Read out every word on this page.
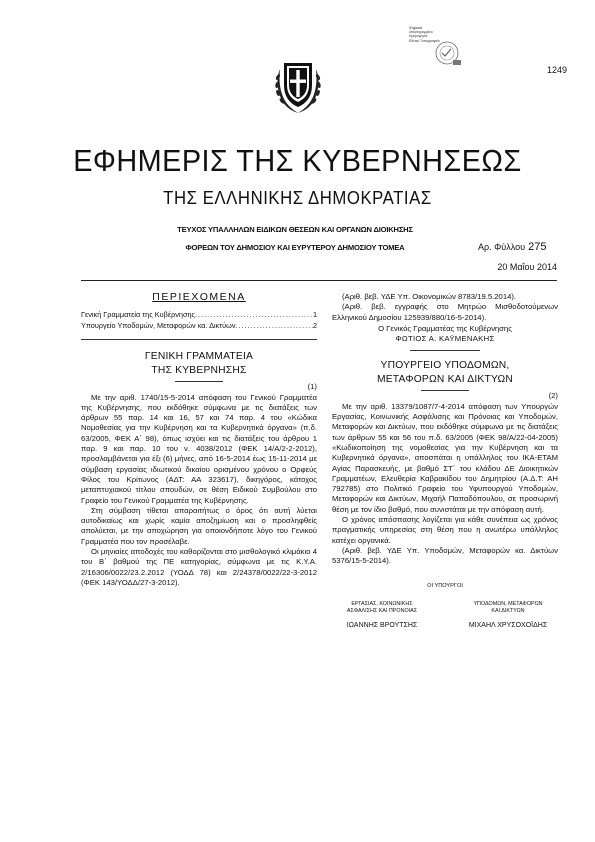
Ψηφιακά
υπογεγραμμένο
Ημερομηνία:
Εθνικό Τυπογραφείο
1249
ΕΦΗΜΕΡΙΣ ΤΗΣ ΚΥΒΕΡΝΗΣΕΩΣ
ΤΗΣ ΕΛΛΗΝΙΚΗΣ ΔΗΜΟΚΡΑΤΙΑΣ
ΤΕΥΧΟΣ ΥΠΑΛΛΗΛΩΝ ΕΙΔΙΚΩΝ ΘΕΣΕΩΝ ΚΑΙ ΟΡΓΑΝΩΝ ΔΙΟΙΚΗΣΗΣ
ΦΟΡΕΩΝ ΤΟΥ ΔΗΜΟΣΙΟΥ ΚΑΙ ΕΥΡΥΤΕΡΟΥ ΔΗΜΟΣΙΟΥ ΤΟΜΕΑ	Αρ. Φύλλου 275
20 Μαΐου 2014
ΠΕΡΙΕΧΟΜΕΝΑ
Γενική Γραμματεία της Κυβέρνησης .....	1
Υπουργείο Υποδομών, Μεταφορών κα. Δικτύων .....	2
ΓΕΝΙΚΗ ΓΡΑΜΜΑΤΕΙΑ
ΤΗΣ ΚΥΒΕΡΝΗΣΗΣ
(1)

Με την αριθ. 1740/15-5-2014 απόφαση του Γενικού Γραμματέα της Κυβέρνησης, που εκδόθηκε σύμφωνα με τις διατάξεις των άρθρων 55 παρ. 14 και 16, 57 και 74 παρ. 4 του «Κώδικα Νομοθεσίας για την Κυβέρνηση και τα Κυβερνητικά όργανα» (π.δ. 63/2005, ΦΕΚ Α΄ 98), όπως ισχύει και τις διατάξεις του άρθρου 1 παρ. 9 και παρ. 10 του ν. 4038/2012 (ΦΕΚ 14/Α/2-2-2012), προσλαμβάνεται για έξι (6) μήνες, από 16-5-2014 έως 15-11-2014 με σύμβαση εργασίας ιδιωτικού δικαίου ορισμένου χρόνου ο Ορφεύς Φίλος του Κρίτωνος (ΑΔΤ: ΑΑ 323617), δικηγόρος, κάτοχος μεταπτυχιακού τίτλου σπουδών, σε θέση Ειδικού Συμβούλου στο Γραφείο του Γενικού Γραμματέα της Κυβέρνησης.

Στη σύμβαση τίθεται απαραιτήτως ο όρος ότι αυτή λύεται αυτοδικαίως και χωρίς καμία αποζημίωση και ο προσληφθείς απολύεται, με την αποχώρηση για οποιονδήποτε λόγο του Γενικού Γραμματέα που τον προσέλαβε.

Οι μηνιαίες αποδοχές του καθορίζονται στο μισθολογικό κλιμάκιο 4 του Β΄ βαθμού της ΠΕ κατηγορίας, σύμφωνα με τις Κ.Υ.Α. 2/16306/0022/23.2.2012 (ΥΟΔΔ 78) και 2/24378/0022/22-3-2012 (ΦΕΚ 143/ΥΟΔΔ/27-3-2012).

(Αριθ. βεβ. ΥΔΕ Υπ. Οικονομικών 8783/19.5.2014).

(Αριθ. βεβ. εγγραφής στο Μητρώο Μισθοδοτούμενων Ελληνικού Δημοσίου 125939/880/16-5-2014).

Ο Γενικός Γραμματέας της Κυβέρνησης
ΦΩΤΙΟΣ Α. ΚΑΫΜΕΝΑΚΗΣ
ΥΠΟΥΡΓΕΙΟ ΥΠΟΔΟΜΩΝ,
ΜΕΤΑΦΟΡΩΝ ΚΑΙ ΔΙΚΤΥΩΝ
(2)

Με την αριθ. 13379/1087/7-4-2014 απόφαση των Υπουργών Εργασίας, Κοινωνικής Ασφάλισης και Πρόνοιας και Υποδομών, Μεταφορών και Δικτύων, που εκδόθηκε σύμφωνα με τις διατάξεις των άρθρων 55 και 56 του π.δ. 63/2005 (ΦΕΚ 98/Α/22-04-2005) «Κωδικοποίηση της νομοθεσίας για την Κυβέρνηση και τα Κυβερνητικά όργανα», αποσπάται η υπάλληλος του ΙΚΑ-ΕΤΑΜ Αγίας Παρασκευής, με βαθμό ΣΤ΄ του κλάδου ΔΕ Διοικητικών Γραμματέων, Ελευθερία Καβρακίδου του Δημητρίου (Α.Δ.Τ: ΑΗ 792785) στο Πολιτικό Γραφείο του Υφυπουργού Υποδομών, Μεταφορών και Δικτύων, Μιχαήλ Παπαδόπουλου, σε προσωρινή θέση με τον ίδιο βαθμό, που συνιστάται με την απόφαση αυτή.

Ο χρόνος απόσπασης λογίζεται για κάθε συνέπεια ως χρόνος πραγματικής υπηρεσίας στη θέση που η ανωτέρω υπάλληλος κατέχει οργανικά.

(Αριθ. βεβ. ΥΔΕ Υπ. Υποδομών, Μεταφορών κα. Δικτύων 5376/15-5-2014).

ΟΙ ΥΠΟΥΡΓΟΙ
ΕΡΓΑΣΙΑΣ, ΚΟΙΝΩΝΙΚΗΣ
ΑΣΦΑΛΙΣΗΣ ΚΑΙ ΠΡΟΝΟΙΑΣ
ΙΩΑΝΝΗΣ ΒΡΟΥΤΣΗΣ
ΥΠΟΔΟΜΩΝ, ΜΕΤΑΦΟΡΩΝ
ΚΑΙ ΔΙΚΤΥΩΝ
ΜΙΧΑΗΛ ΧΡΥΣΟΧΟΪΔΗΣ
